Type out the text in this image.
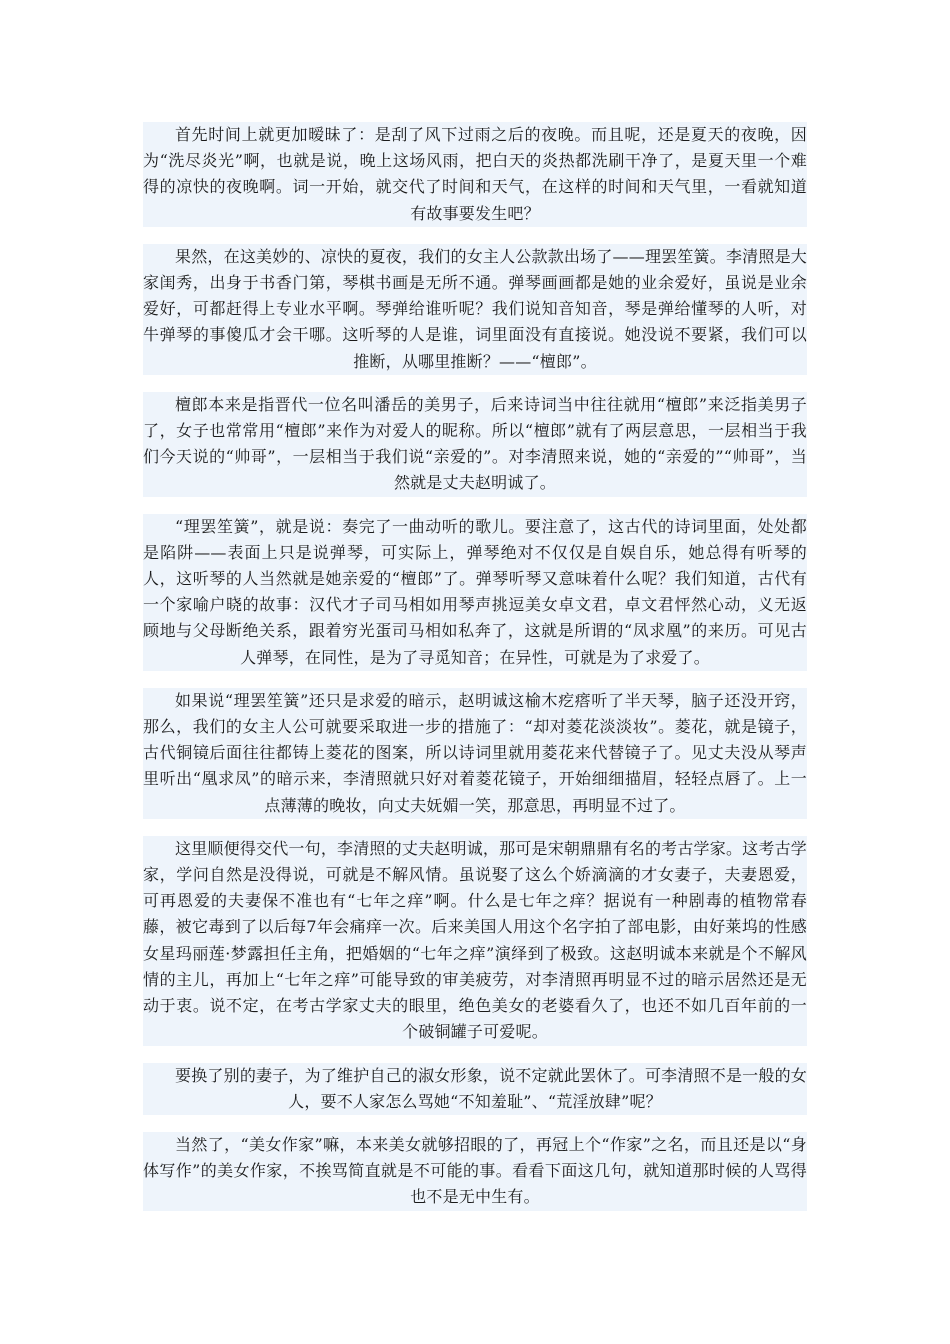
首先时间上就更加暧昧了：是刮了风下过雨之后的夜晚。而且呢，还是夏天的夜晚，因为“洗尽炎光”啊，也就是说，晚上这场风雨，把白天的炎热都洗刷干净了，是夏天里一个难得的凉快的夜晚啊。词一开始，就交代了时间和天气，在这样的时间和天气里，一看就知道有故事要发生吧？

果然，在这美妙的、凉快的夏夜，我们的女主人公款款出场了——理罢笙簧。李清照是大家闺秀，出身于书香门第，琴棋书画是无所不通。弹琴画画都是她的业余爱好，虽说是业余爱好，可都赶得上专业水平啊。琴弹给谁听呢？我们说知音知音，琴是弹给懂琴的人听，对牛弹琴的事傻瓜才会干哪。这听琴的人是谁，词里面没有直接说。她没说不要紧，我们可以推断，从哪里推断？——“檀郎”。

檀郎本来是指晋代一位名叫潘岳的美男子，后来诗词当中往往就用“檀郎”来泛指美男子了，女子也常常用“檀郎”来作为对爱人的昵称。所以“檀郎”就有了两层意思，一层相当于我们今天说的“帅哥”，一层相当于我们说“亲爱的”。对李清照来说，她的“亲爱的”“帅哥”，当然就是丈夫赵明诚了。

“理罢笙簧”，就是说：奏完了一曲动听的歌儿。要注意了，这古代的诗词里面，处处都是陷阱——表面上只是说弹琴，可实际上，弹琴绝对不仅仅是自娱自乐，她总得有听琴的人，这听琴的人当然就是她亲爱的“檀郎”了。弹琴听琴又意味着什么呢？我们知道，古代有一个家喻户晓的故事：汉代才子司马相如用琴声挑逗美女卓文君，卓文君怦然心动，义无返顾地与父母断绝关系，跟着穷光蛋司马相如私奔了，这就是所谓的“凤求凰”的来历。可见古人弹琴，在同性，是为了寻觅知音；在异性，可就是为了求爱了。

如果说“理罢笙簧”还只是求爱的暗示，赵明诚这榆木疙瘩听了半天琴，脑子还没开窍，那么，我们的女主人公可就要采取进一步的措施了：“却对菱花淡淡妆”。菱花，就是镜子，古代铜镜后面往往都铸上菱花的图案，所以诗词里就用菱花来代替镜子了。见丈夫没从琴声里听出“凰求凤”的暗示来，李清照就只好对着菱花镜子，开始细细描眉，轻轻点唇了。上一点薄薄的晚妆，向丈夫妩媚一笑，那意思，再明显不过了。

这里顺便得交代一句，李清照的丈夫赵明诚，那可是宋朝鼎鼎有名的考古学家。这考古学家，学问自然是没得说，可就是不解风情。虽说娶了这么个娇滴滴的才女妻子，夫妻恩爱，可再恩爱的夫妻保不准也有“七年之痒”啊。什么是七年之痒？据说有一种剧毒的植物常春藤，被它毒到了以后每7年会痛痒一次。后来美国人用这个名字拍了部电影，由好莱坞的性感女星玛丽莲·梦露担任主角，把婚姻的“七年之痒”演绎到了极致。这赵明诚本来就是个不解风情的主儿，再加上“七年之痒”可能导致的审美疲劳，对李清照再明显不过的暗示居然还是无动于衷。说不定，在考古学家丈夫的眼里，绝色美女的老婆看久了，也还不如几百年前的一个破铜罐子可爱呢。

要换了别的妻子，为了维护自己的淑女形象，说不定就此罢休了。可李清照不是一般的女人，要不人家怎么骂她“不知羞耻”、“荒淫放肆”呢？

当然了，“美女作家”嘛，本来美女就够招眼的了，再冠上个“作家”之名，而且还是以“身体写作”的美女作家，不挨骂简直就是不可能的事。看看下面这几句，就知道那时候的人骂得也不是无中生有。
